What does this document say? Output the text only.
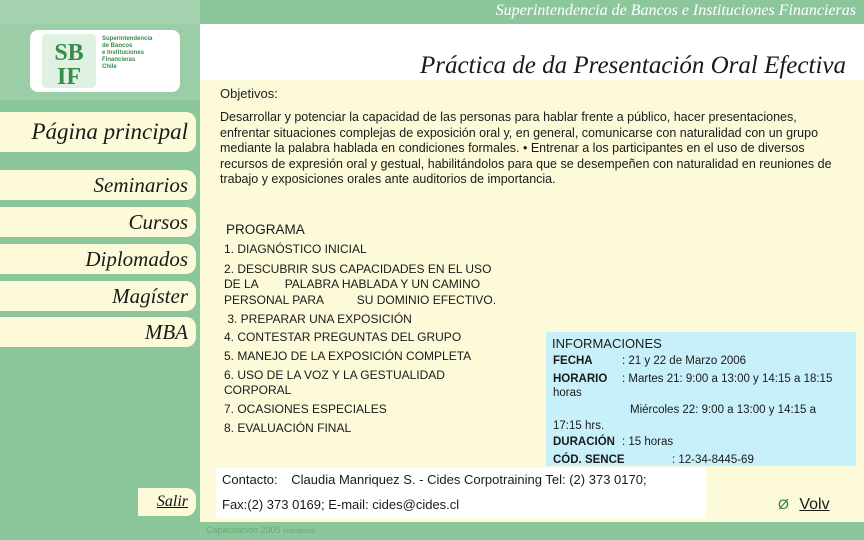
Superintendencia de Bancos e Instituciones Financieras
SB
IF
Superintendencia
de Bancos
e Instituciones
Financieras
Chile
Página principal
Seminarios
Cursos
Diplomados
Magíster
MBA
Salir
Práctica de da Presentación Oral Efectiva
Objetivos:
Desarrollar y potenciar la capacidad de las personas para hablar frente a público, hacer presentaciones, enfrentar situaciones complejas de exposición oral y, en general, comunicarse con naturalidad con un grupo mediante la palabra hablada en condiciones formales. • Entrenar a los participantes en el uso de diversos recursos de expresión oral y gestual, habilitándolos para que se desempeñen con naturalidad en reuniones de trabajo y exposiciones orales ante auditorios de importancia.
PROGRAMA
1. DIAGNÓSTICO INICIAL
2. DESCUBRIR SUS CAPACIDADES EN EL USO
DE LA        PALABRA HABLADA Y UN CAMINO
PERSONAL PARA          SU DOMINIO EFECTIVO.
3. PREPARAR UNA EXPOSICIÓN
4. CONTESTAR PREGUNTAS DEL GRUPO
5. MANEJO DE LA EXPOSICIÓN COMPLETA
6. USO DE LA VOZ Y LA GESTUALIDAD
CORPORAL
7. OCASIONES ESPECIALES
8. EVALUACIÓN FINAL
INFORMACIONES
FECHA	: 21 y 22 de Marzo 2006
HORARIO : Martes 21: 9:00 a 13:00 y 14:15 a 18:15
horas
Miércoles 22: 9:00 a 13:00 y 14:15 a
17:15 hrs.
DURACIÓN : 15 horas
CÓD. SENCE	: 12-34-8445-69
Contacto: Claudia Manriquez S. - Cides Corpotraining Tel: (2) 373 0170;
Fax:(2) 373 0169; E-mail: cides@cides.cl	Ø Volv
Capacitación 2005 ycardenas
